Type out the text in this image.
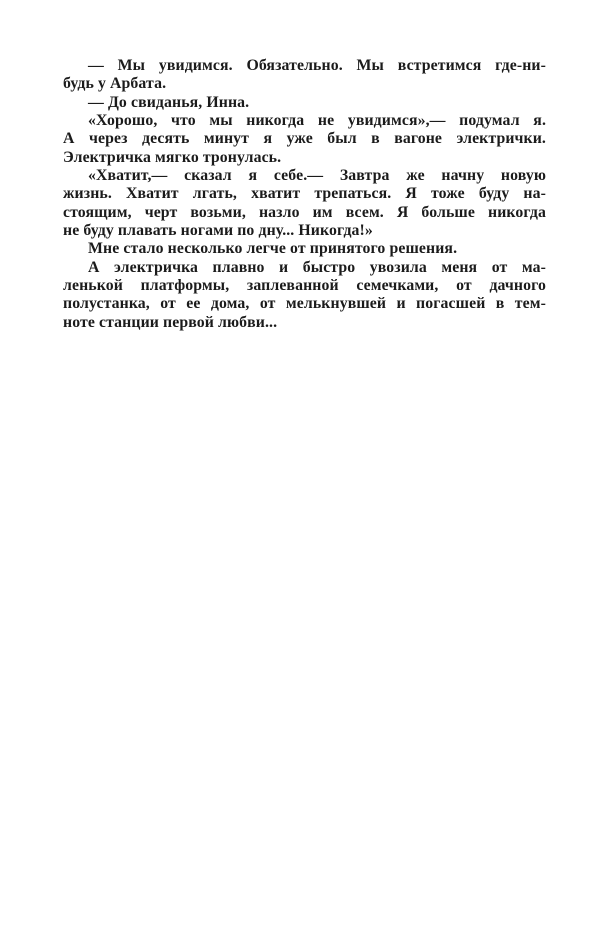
— Мы увидимся. Обязательно. Мы встретимся где-ни-
будь у Арбата.
— До свиданья, Инна.
«Хорошо, что мы никогда не увидимся»,— подумал я.
А через десять минут я уже был в вагоне электрички.
Электричка мягко тронулась.
«Хватит,— сказал я себе.— Завтра же начну новую
жизнь. Хватит лгать, хватит трепаться. Я тоже буду на-
стоящим, черт возьми, назло им всем. Я больше никогда
не буду плавать ногами по дну... Никогда!»
Мне стало несколько легче от принятого решения.
А электричка плавно и быстро увозила меня от ма-
ленькой платформы, заплеванной семечками, от дачного
полустанка, от ее дома, от мелькнувшей и погасшей в тем-
ноте станции первой любви...
